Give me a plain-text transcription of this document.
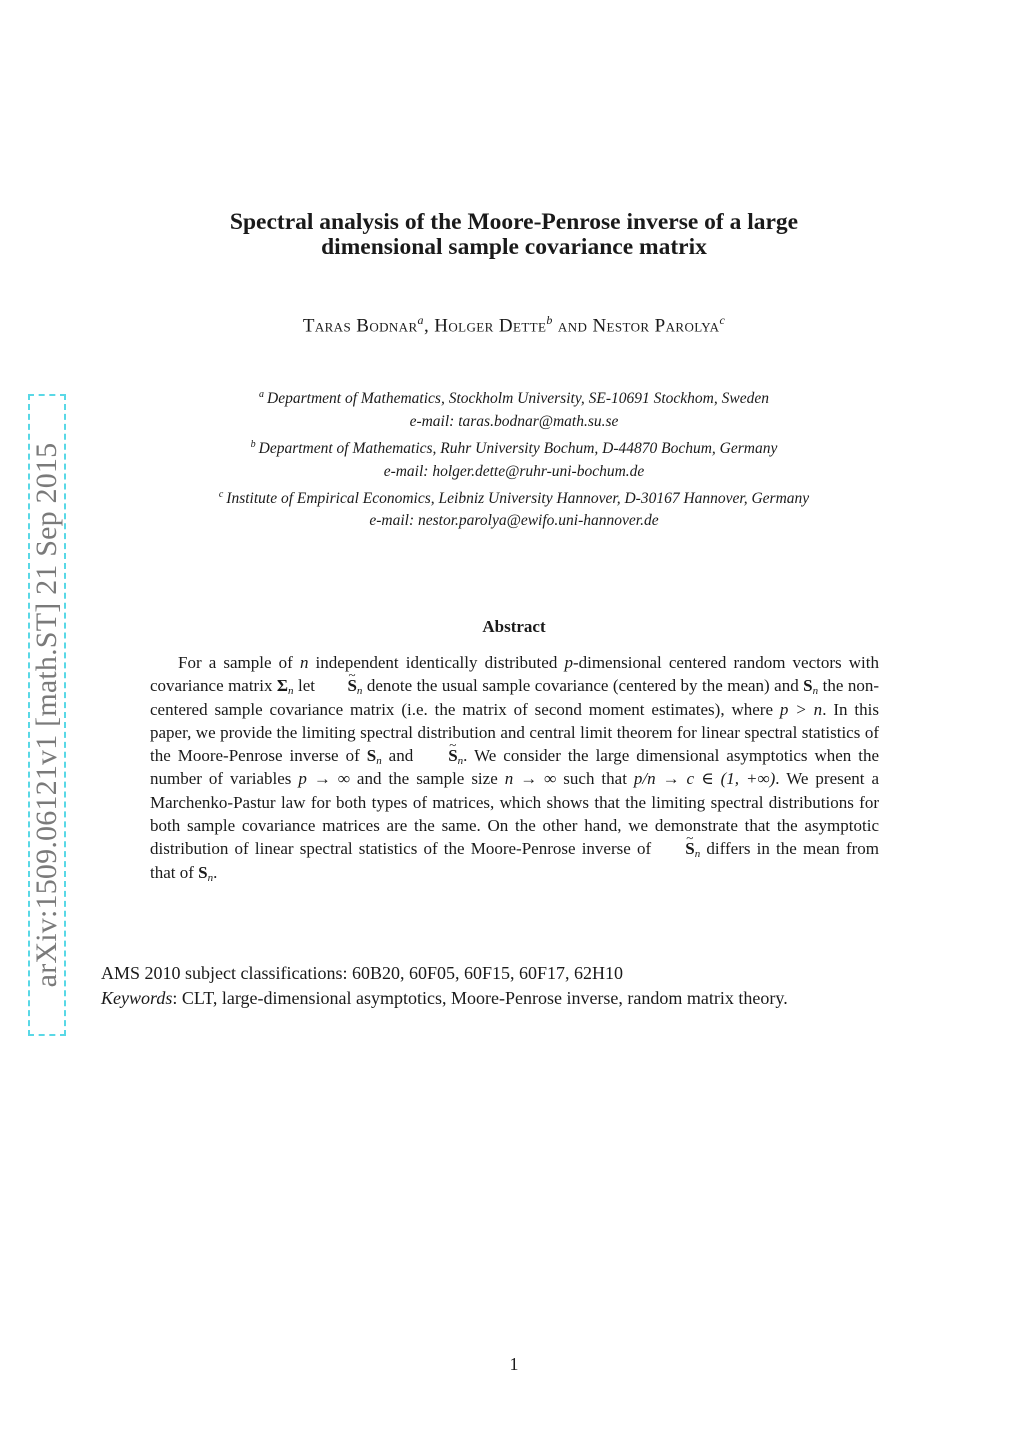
arXiv:1509.06121v1 [math.ST] 21 Sep 2015
Spectral analysis of the Moore-Penrose inverse of a large
dimensional sample covariance matrix
Taras Bodnar$^a$, Holger Dette$^b$ and Nestor Parolya$^c$
$^a$ Department of Mathematics, Stockholm University, SE-10691 Stockhom, Sweden
e-mail: taras.bodnar@math.su.se
$^b$ Department of Mathematics, Ruhr University Bochum, D-44870 Bochum, Germany
e-mail: holger.dette@ruhr-uni-bochum.de
$^c$ Institute of Empirical Economics, Leibniz University Hannover, D-30167 Hannover, Germany
e-mail: nestor.parolya@ewifo.uni-hannover.de
Abstract
For a sample of n independent identically distributed p-dimensional centered random vectors with covariance matrix $\Sigma_n$ let ~ $S_n$ denote the usual sample covariance (centered by the mean) and $S_n$ the non-centered sample covariance matrix (i.e. the matrix of second moment estimates), where p > n. In this paper, we provide the limiting spectral distribution and central limit theorem for linear spectral statistics of the Moore-Penrose inverse of $S_n$ and ~ $S_n$. We consider the large dimensional asymptotics when the number of variables p → ∞ and the sample size n → ∞ such that p/n → c ∈ (1, +∞). We present a Marchenko-Pastur law for both types of matrices, which shows that the limiting spectral distributions for both sample covariance matrices are the same. On the other hand, we demonstrate that the asymptotic distribution of linear spectral statistics of the Moore-Penrose inverse of ~ $S_n$ differs in the mean from that of $S_n$.
AMS 2010 subject classifications: 60B20, 60F05, 60F15, 60F17, 62H10
Keywords: CLT, large-dimensional asymptotics, Moore-Penrose inverse, random matrix theory.
1
